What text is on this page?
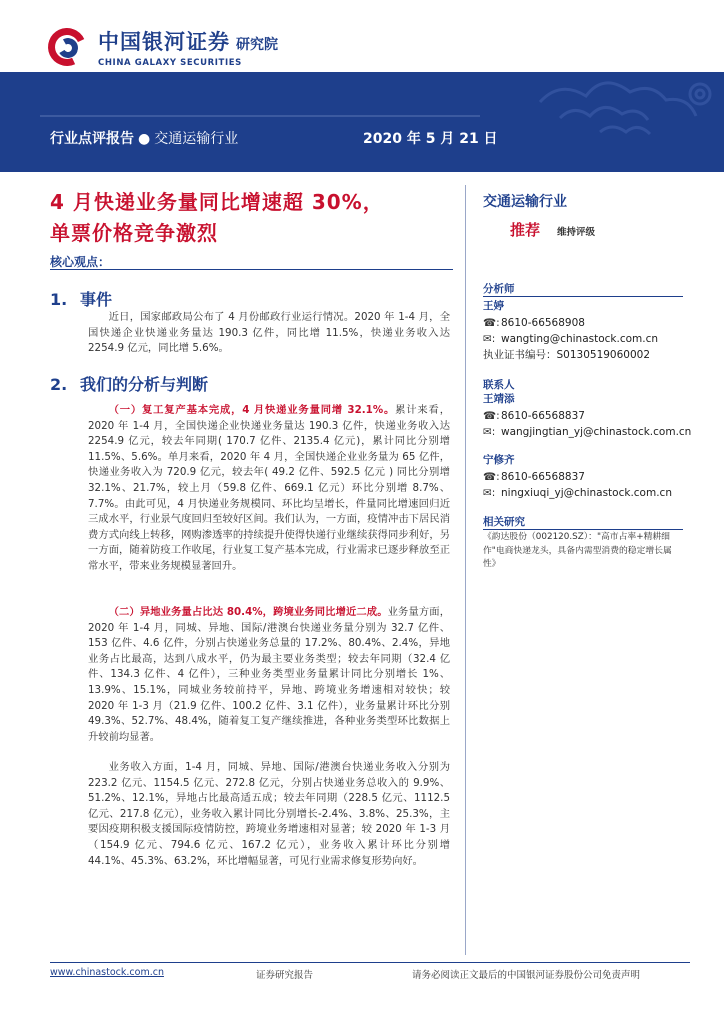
中国银河证券 研究院
CHINA GALAXY SECURITIES
行业点评报告 ● 交通运输行业	2020 年 5 月 21 日
4 月快递业务量同比增速超 30%，
单票价格竞争激烈
核心观点：
1. 事件

近日，国家邮政局公布了 4 月份邮政行业运行情况。2020 年 1-4 月，全国快递企业快递业务量达 190.3 亿件，同比增 11.5%，快递业务收入达 2254.9 亿元，同比增 5.6%。

2. 我们的分析与判断

（一）复工复产基本完成，4 月快递业务量同增 32.1%。累计来看，2020 年 1-4 月，全国快递企业快递业务量达 190.3 亿件，快递业务收入达 2254.9 亿元，较去年同期( 170.7 亿件、2135.4 亿元)，累计同比分别增 11.5%、5.6%。单月来看，2020 年 4 月，全国快递企业业务量为 65 亿件，快递业务收入为 720.9 亿元，较去年( 49.2 亿件、592.5 亿元 ) 同比分别增 32.1%、21.7%，较上月（59.8 亿件、669.1 亿元）环比分别增 8.7%、7.7%。由此可见，4 月快递业务规模同、环比均呈增长，件量同比增速回归近三成水平，行业景气度回归至较好区间。我们认为，一方面，疫情冲击下居民消费方式向线上转移，网购渗透率的持续提升使得快递行业继续获得同步利好，另一方面，随着防疫工作收尾，行业复工复产基本完成，行业需求已逐步释放至正常水平，带来业务规模显著回升。

（二）异地业务量占比达 80.4%，跨境业务同比增近二成。业务量方面，2020 年 1-4 月，同城、异地、国际/港澳台快递业务量分别为 32.7 亿件、153 亿件、4.6 亿件，分别占快递业务总量的 17.2%、80.4%、2.4%，异地业务占比最高，达到八成水平，仍为最主要业务类型；较去年同期（32.4 亿件、134.3 亿件、4 亿件），三种业务类型业务量累计同比分别增长 1%、13.9%、15.1%，同城业务较前持平，异地、跨境业务增速相对较快；较 2020 年 1-3 月（21.9 亿件、100.2 亿件、3.1 亿件），业务量累计环比分别 49.3%、52.7%、48.4%，随着复工复产继续推进，各种业务类型环比数据上升较前均显著。

业务收入方面，1-4 月，同城、异地、国际/港澳台快递业务收入分别为 223.2 亿元、1154.5 亿元、272.8 亿元，分别占快递业务总收入的 9.9%、51.2%、12.1%，异地占比最高适五成；较去年同期（228.5 亿元、1112.5 亿元、217.8 亿元），业务收入累计同比分别增长-2.4%、3.8%、25.3%，主要因疫期积极支援国际疫情防控，跨境业务增速相对显著；较 2020 年 1-3 月（154.9 亿元、794.6 亿元、167.2 亿元），业务收入累计环比分别增 44.1%、45.3%、63.2%，环比增幅显著，可见行业需求修复形势向好。

交通运输行业
推荐 维持评级
分析师
王婷
☎:8610-66568908
✉: wangting@chinastock.com.cn
执业证书编号：S0130519060002
联系人
王靖添
☎:8610-66568837
✉: wangjingtian_yj@chinastock.com.cn
宁修齐
☎:8610-66568837
✉: ningxiuqi_yj@chinastock.com.cn
相关研究
《韵达股份（002120.SZ）："高市占率+精耕细作"电商快递龙头，具备内需型消费的稳定增长属性》
www.chinastock.com.cn	证券研究报告	请务必阅读正文最后的中国银河证券股份公司免责声明
